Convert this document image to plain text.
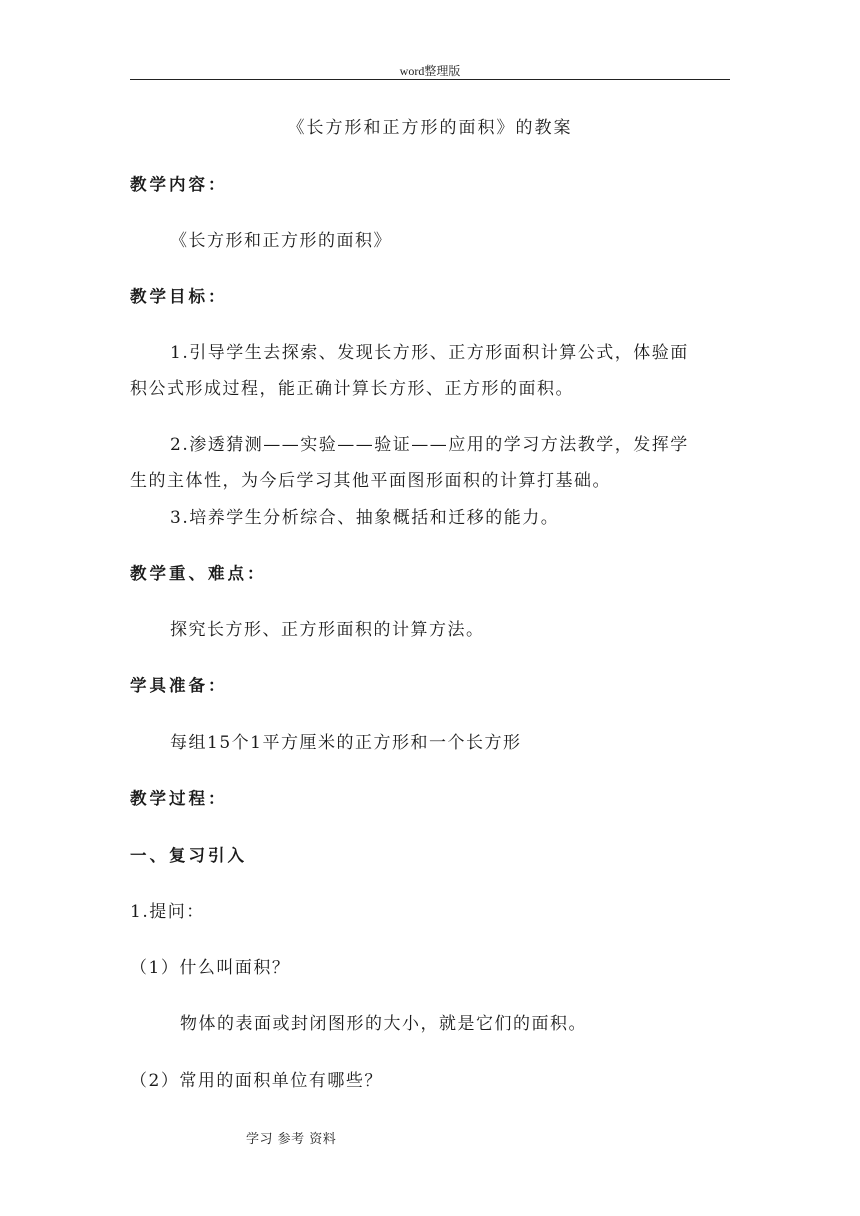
word整理版
《长方形和正方形的面积》的教案
教学内容：
《长方形和正方形的面积》
教学目标：
1.引导学生去探索、发现长方形、正方形面积计算公式，体验面
积公式形成过程，能正确计算长方形、正方形的面积。
2.渗透猜测——实验——验证——应用的学习方法教学，发挥学
生的主体性，为今后学习其他平面图形面积的计算打基础。
3.培养学生分析综合、抽象概括和迁移的能力。
教学重、难点：
探究长方形、正方形面积的计算方法。
学具准备：
每组15个1平方厘米的正方形和一个长方形
教学过程：
一、复习引入
1.提问：
（1）什么叫面积？
物体的表面或封闭图形的大小，就是它们的面积。
（2）常用的面积单位有哪些？
学习 参考 资料
